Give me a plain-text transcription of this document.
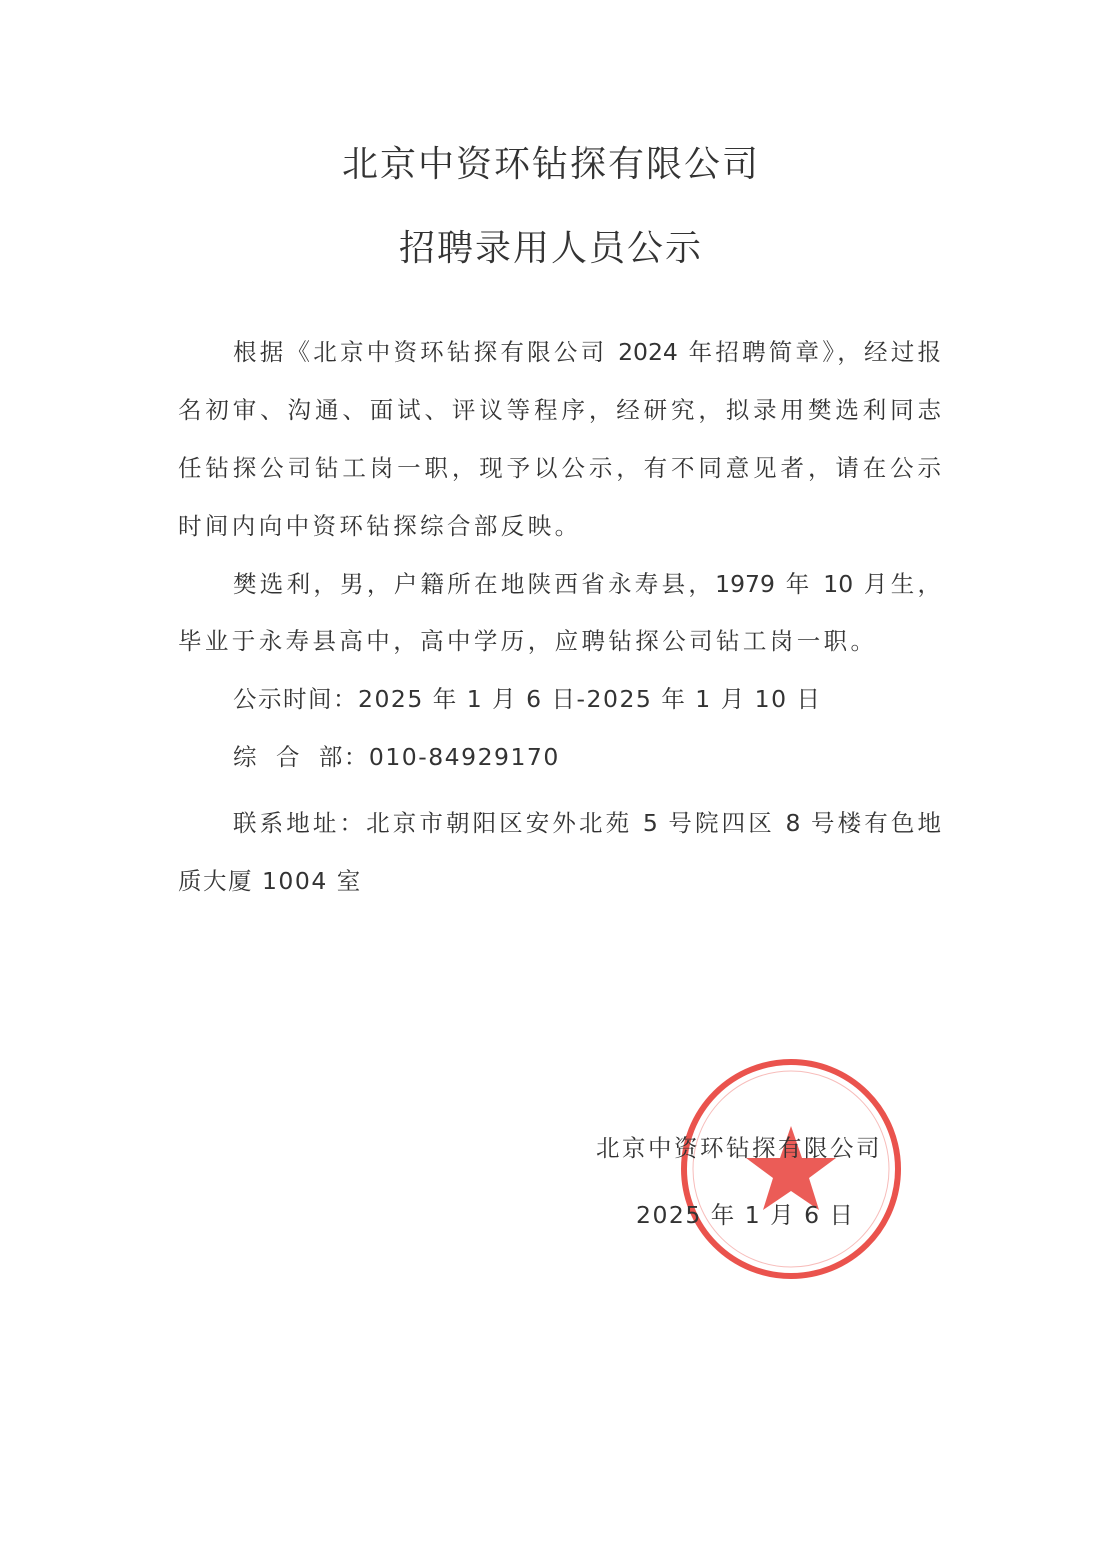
北京中资环钻探有限公司
招聘录用人员公示
根据《北京中资环钻探有限公司 2024 年招聘简章》，经过报
名初审、沟通、面试、评议等程序，经研究，拟录用樊选利同志
任钻探公司钻工岗一职，现予以公示，有不同意见者，请在公示
时间内向中资环钻探综合部反映。
樊选利，男，户籍所在地陕西省永寿县，1979 年 10 月生，
毕业于永寿县高中，高中学历，应聘钻探公司钻工岗一职。
公示时间：2025 年 1 月 6 日-2025 年 1 月 10 日
综  合  部：010-84929170
联系地址：北京市朝阳区安外北苑 5 号院四区 8 号楼有色地
质大厦 1004 室
北京中资环钻探有限公司
2025 年 1 月 6 日
